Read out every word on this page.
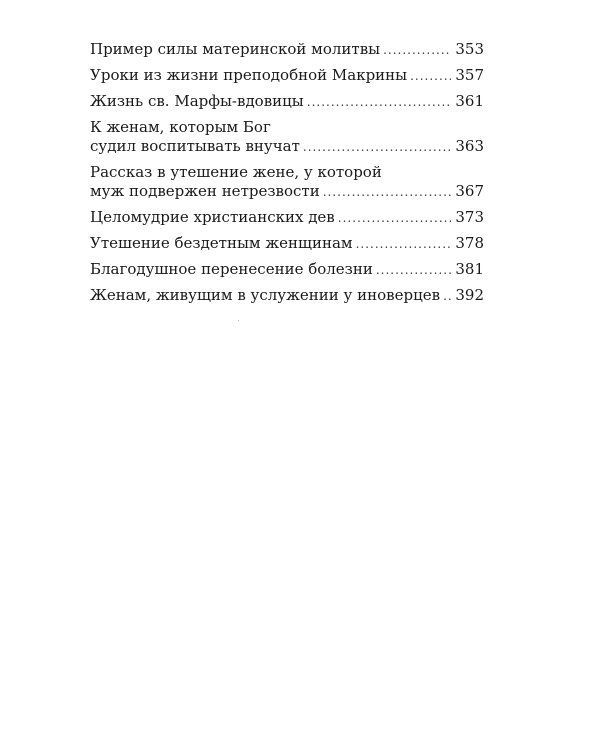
Пример силы материнской молитвы .....	353
Уроки из жизни преподобной Макрины .....	357
Жизнь св. Марфы-вдовицы .....	361
К женам, которым Бог
судил воспитывать внучат .....	363
Рассказ в утешение жене, у которой
муж подвержен нетрезвости .....	367
Целомудрие христианских дев .....	373
Утешение бездетным женщинам .....	378
Благодушное перенесение болезни .....	381
Женам, живущим в услужении у иноверцев ..... 392
